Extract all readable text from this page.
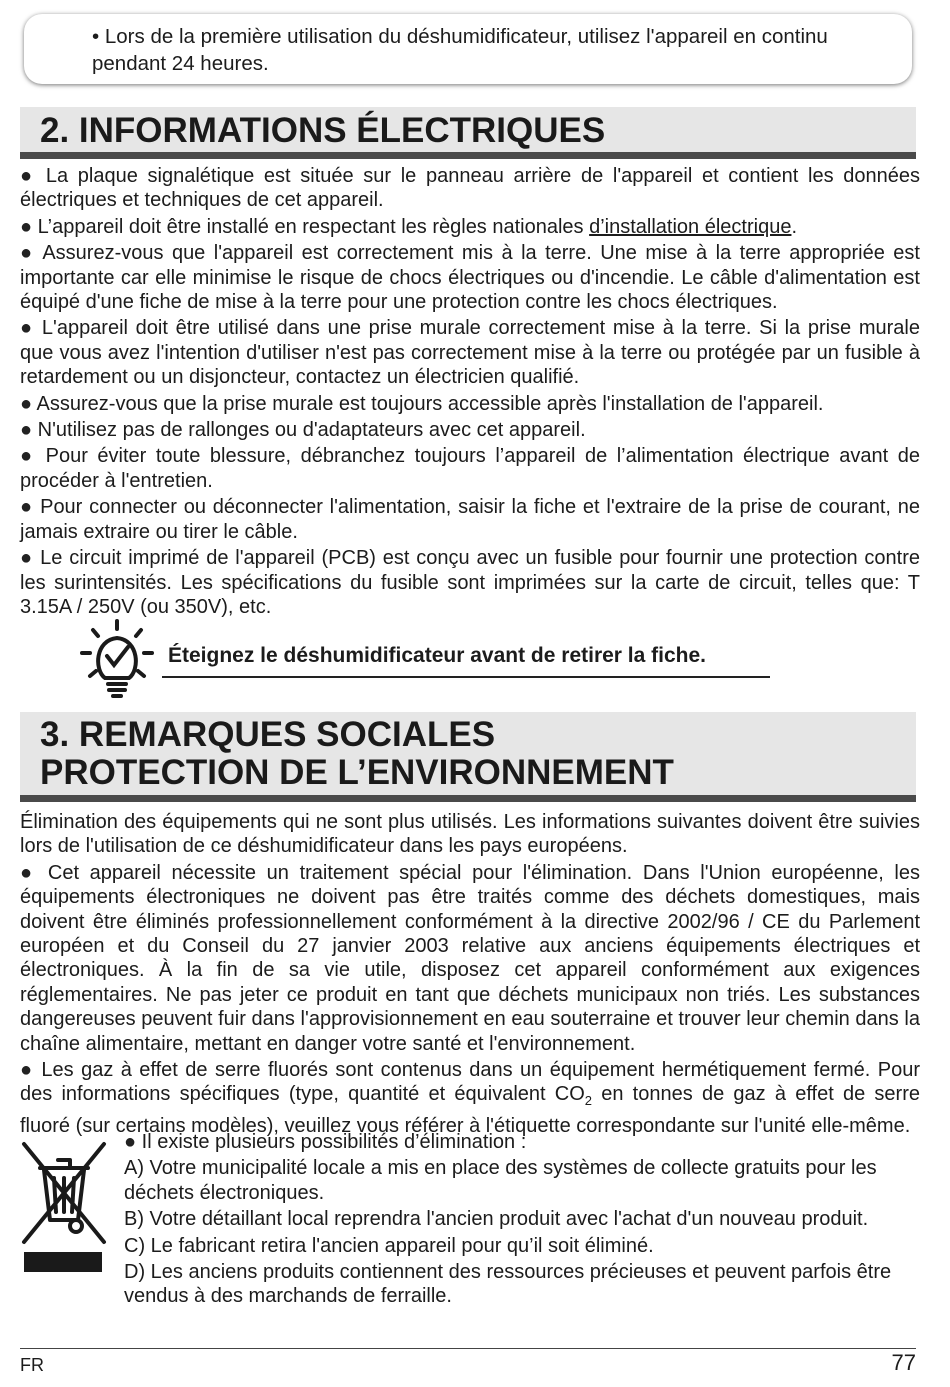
• Lors de la première utilisation du déshumidificateur, utilisez l'appareil en continu pendant 24 heures.

2. INFORMATIONS ÉLECTRIQUES

● La plaque signalétique est située sur le panneau arrière de l'appareil et contient les données électriques et techniques de cet appareil.

● L’appareil doit être installé en respectant les règles nationales d’installation électrique.

● Assurez-vous que l'appareil est correctement mis à la terre. Une mise à la terre appropriée est importante car elle minimise le risque de chocs électriques ou d'incendie. Le câble d'alimentation est équipé d'une fiche de mise à la terre pour une protection contre les chocs électriques.

● L'appareil doit être utilisé dans une prise murale correctement mise à la terre. Si la prise murale que vous avez l'intention d'utiliser n'est pas correctement mise à la terre ou protégée par un fusible à retardement ou un disjoncteur, contactez un électricien qualifié.

● Assurez-vous que la prise murale est toujours accessible après l'installation de l'appareil.

● N'utilisez pas de rallonges ou d'adaptateurs avec cet appareil.

● Pour éviter toute blessure, débranchez toujours l’appareil de l’alimentation électrique avant de procéder à l'entretien.

● Pour connecter ou déconnecter l'alimentation, saisir la fiche et l'extraire de la prise de courant, ne jamais extraire ou tirer le câble.

● Le circuit imprimé de l'appareil (PCB) est conçu avec un fusible pour fournir une protection contre les surintensités. Les spécifications du fusible sont imprimées sur la carte de circuit, telles que: T 3.15A / 250V (ou 350V), etc.

Éteignez le déshumidificateur avant de retirer la fiche.
3. REMARQUES SOCIALES
PROTECTION DE L’ENVIRONNEMENT

Élimination des équipements qui ne sont plus utilisés. Les informations suivantes doivent être suivies lors de l'utilisation de ce déshumidificateur dans les pays européens.

● Cet appareil nécessite un traitement spécial pour l'élimination. Dans l'Union européenne, les équipements électroniques ne doivent pas être traités comme des déchets domestiques, mais doivent être éliminés professionnellement conformément à la directive 2002/96 / CE du Parlement européen et du Conseil du 27 janvier 2003 relative aux anciens équipements électriques et électroniques. À la fin de sa vie utile, disposez cet appareil conformément aux exigences réglementaires. Ne pas jeter ce produit en tant que déchets municipaux non triés. Les substances dangereuses peuvent fuir dans l'approvisionnement en eau souterraine et trouver leur chemin dans la chaîne alimentaire, mettant en danger votre santé et l'environnement.

● Les gaz à effet de serre fluorés sont contenus dans un équipement hermétiquement fermé. Pour des informations spécifiques (type, quantité et équivalent $CO_2$ en tonnes de gaz à effet de serre fluoré (sur certains modèles), veuillez vous référer à l'étiquette correspondante sur l'unité elle-même.

● Il existe plusieurs possibilités d’élimination :

A) Votre municipalité locale a mis en place des systèmes de collecte gratuits pour les déchets électroniques.

B) Votre détaillant local reprendra l'ancien produit avec l'achat d'un nouveau produit.

C) Le fabricant retira l'ancien appareil pour qu’il soit éliminé.

D) Les anciens produits contiennent des ressources précieuses et peuvent parfois être vendus à des marchands de ferraille.

FR	77
